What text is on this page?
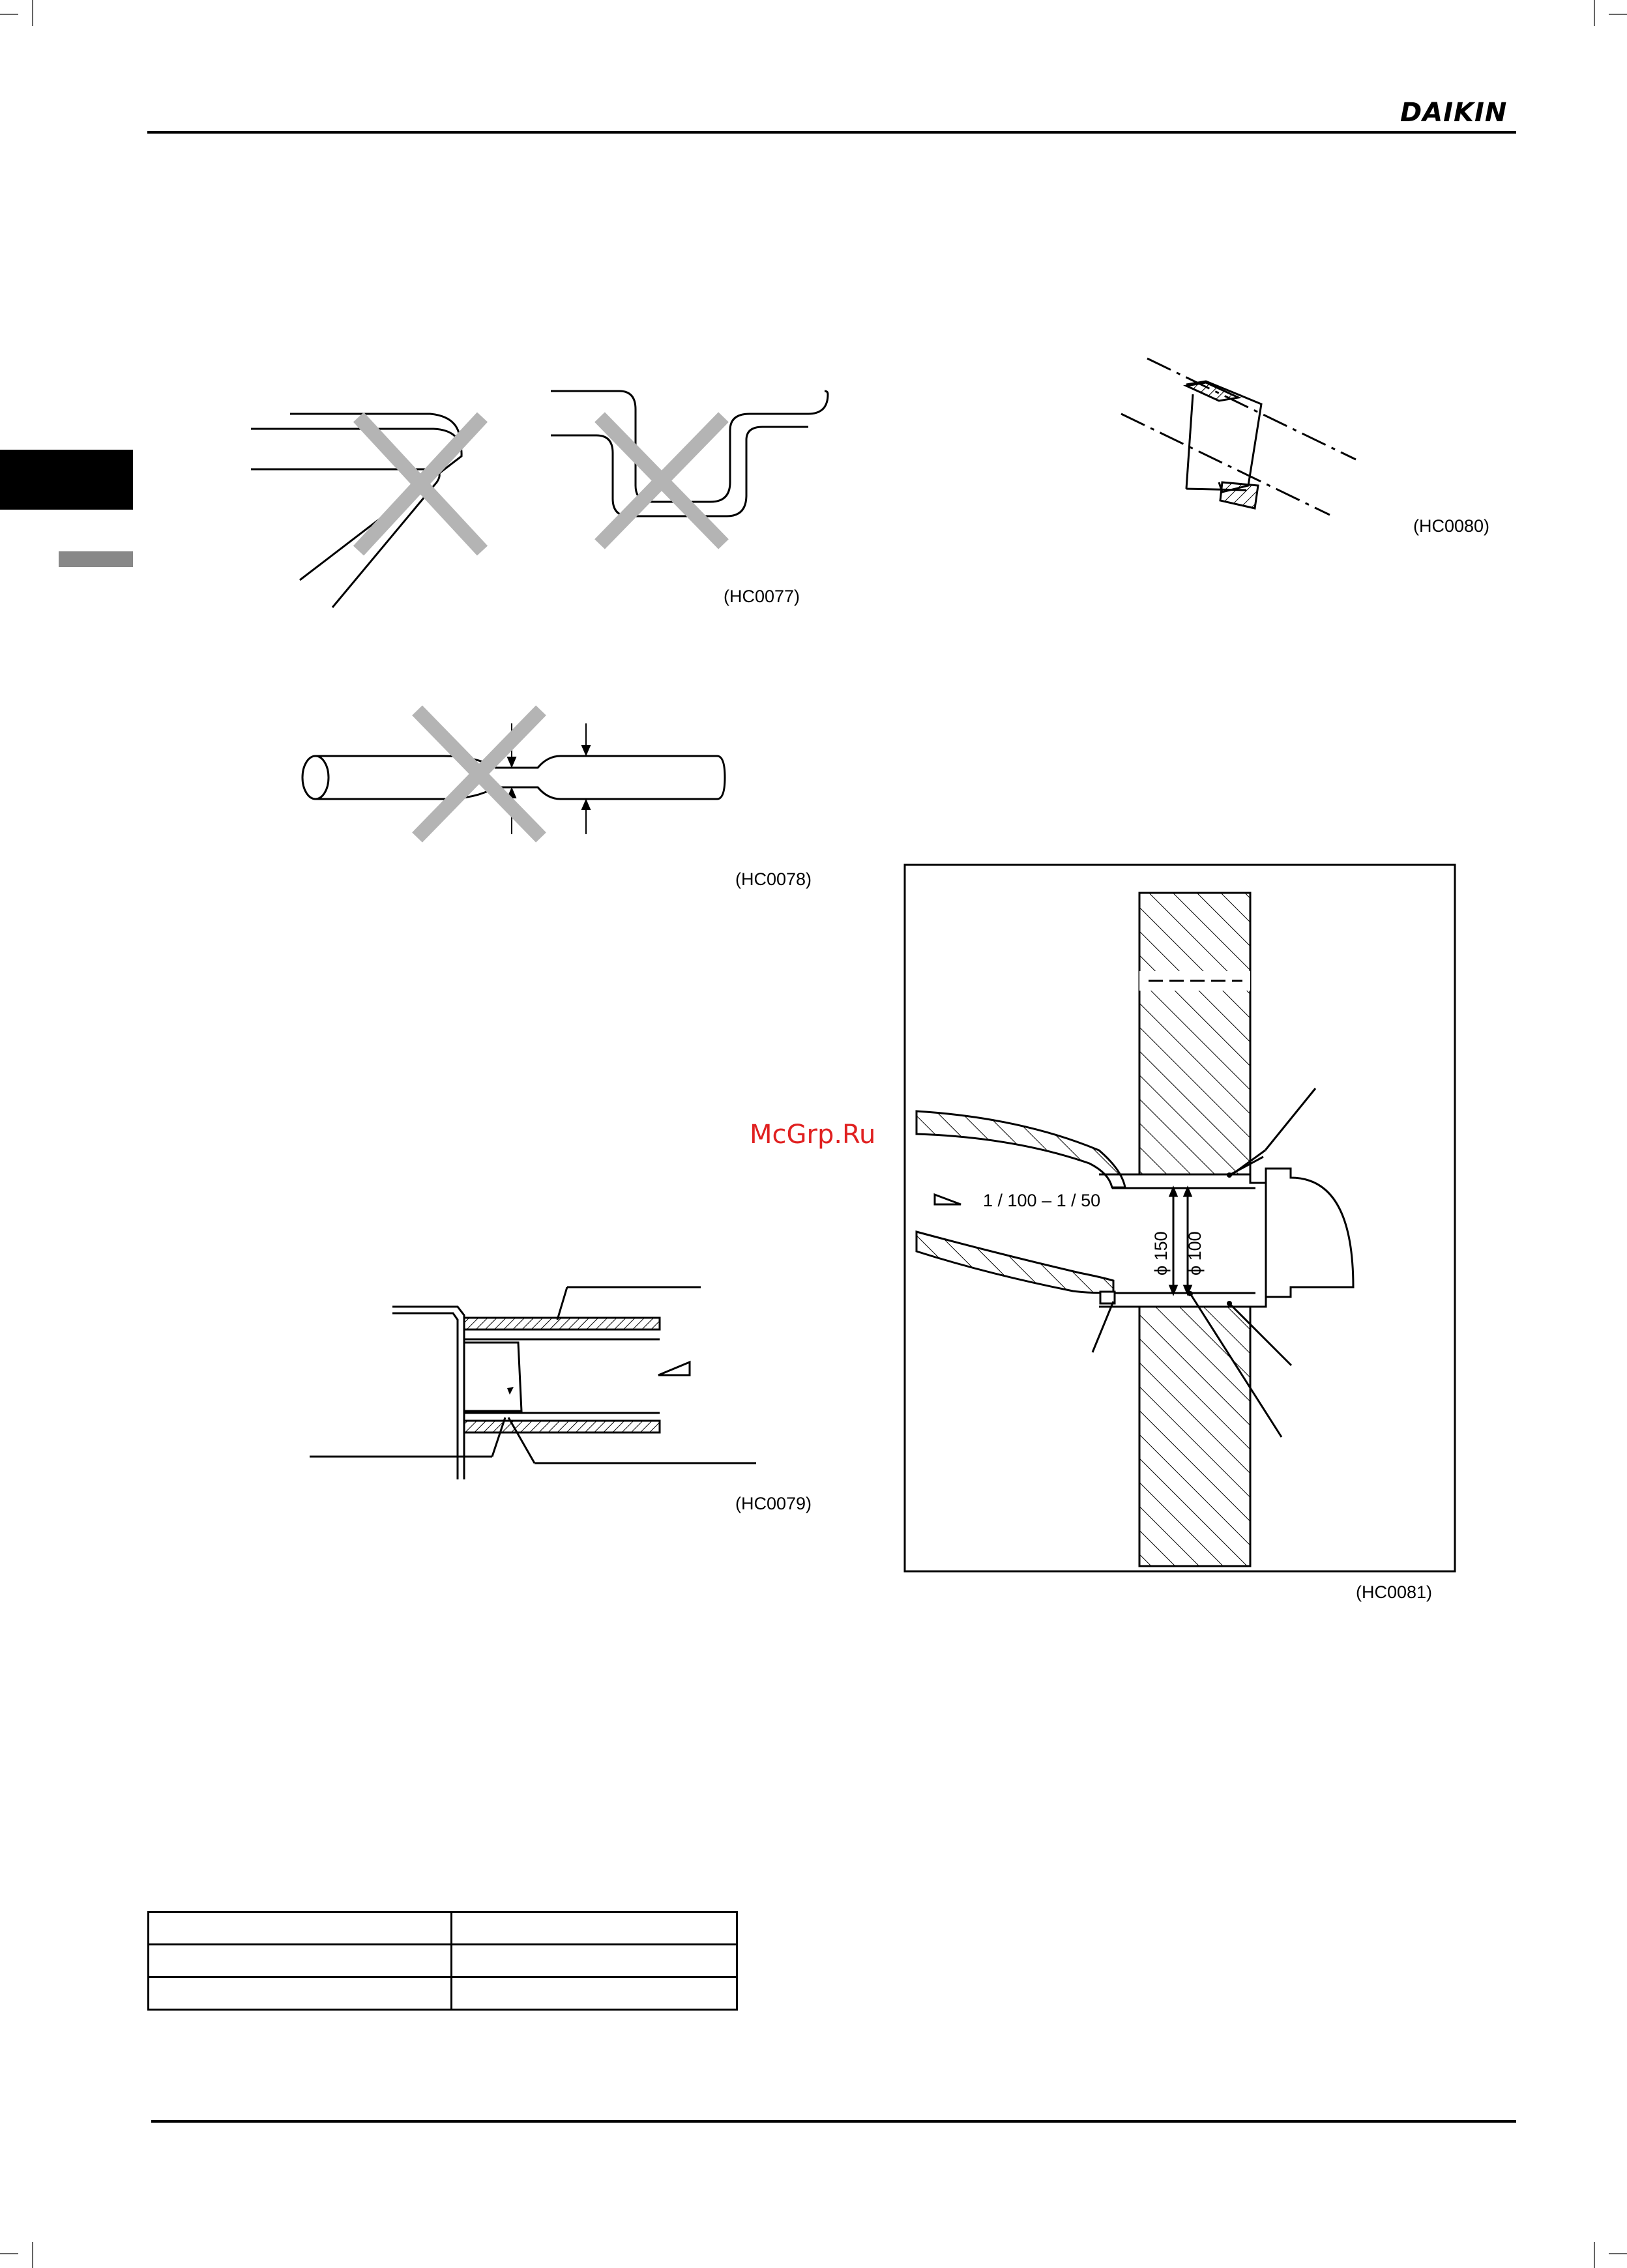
DAIKIN
(HC0077)
(HC0080)
(HC0078)
(HC0079)
McGrp.Ru
1 / 100 – 1 / 50
ϕ 150 ϕ 100
(HC0081)
